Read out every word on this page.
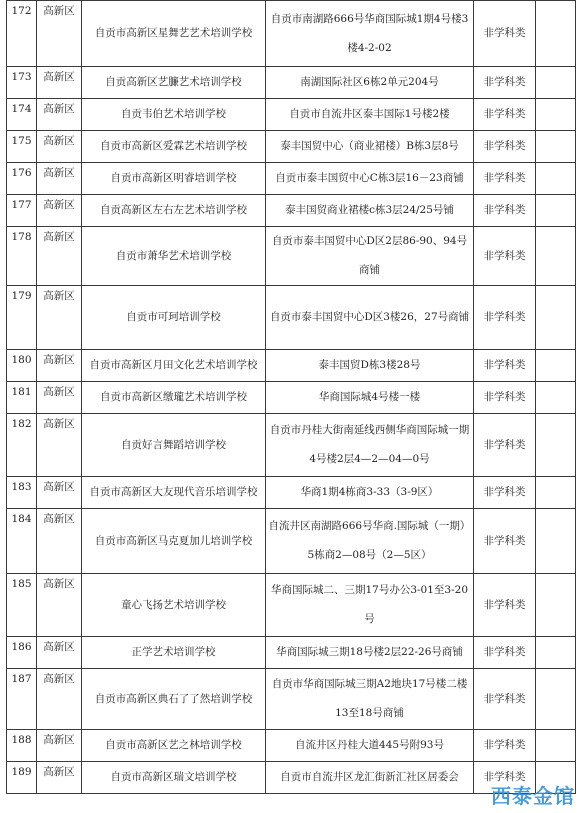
172	高新区	自贡市高新区星舞艺艺术培训学校	自贡市南湖路666号华商国际城1期4号楼3楼4-2-02	非学科类	
173	高新区	自贡高新区艺臁艺术培训学校	南湖国际社区6栋2单元204号	非学科类	
174	高新区	自贡韦伯艺术培训学校	自贡市自流井区泰丰国际1号楼2楼	非学科类	
175	高新区	自贡市高新区爱霖艺术培训学校	泰丰国贸中心（商业裙楼）B栋3层8号	非学科类	
176	高新区	自贡市高新区明睿培训学校	自贡市泰丰国贸中心C栋3层16－23商铺	非学科类	
177	高新区	自贡高新区左右左艺术培训学校	泰丰国贸商业裙楼c栋3层24/25号铺	非学科类	
178	高新区	自贡市萧华艺术培训学校	自贡市泰丰国贸中心D区2层86-90、94号商铺	非学科类	
179	高新区	自贡市可珂培训学校	自贡市泰丰国贸中心D区3楼26，27号商铺	非学科类	
180	高新区	自贡市高新区月田文化艺术培训学校	泰丰国贸D栋3楼28号	非学科类	
181	高新区	自贡市高新区缴瓏艺术培训学校	华商国际城4号楼一楼	非学科类	
182	高新区	自贡好言舞蹈培训学校	自贡市丹桂大街南延线西侧华商国际城一期4号楼2层4—2—04—0号	非学科类	
183	高新区	自贡市高新区大友现代音乐培训学校	华商1期4栋商3-33（3-9区）	非学科类	
184	高新区	自贡市高新区马克夏加儿培训学校	自流井区南湖路666号华商.国际城（一期）5栋商2—08号（2—5区）	非学科类	
185	高新区	童心飞扬艺术培训学校	华商国际城二、三期17号办公3-01至3-20号	非学科类	
186	高新区	正学艺术培训学校	华商国际城三期18号楼2层22-26号商铺	非学科类	
187	高新区	自贡市高新区典石了了然培训学校	自贡市华商国际城三期A2地块17号楼二楼13至18号商铺	非学科类	
188	高新区	自贡市高新区艺之林培训学校	自流井区丹桂大道445号附93号	非学科类	
189	高新区	自贡市高新区瑞文培训学校	自贡市自流井区龙汇街新汇社区居委会	非学科类	
西泰金馆
